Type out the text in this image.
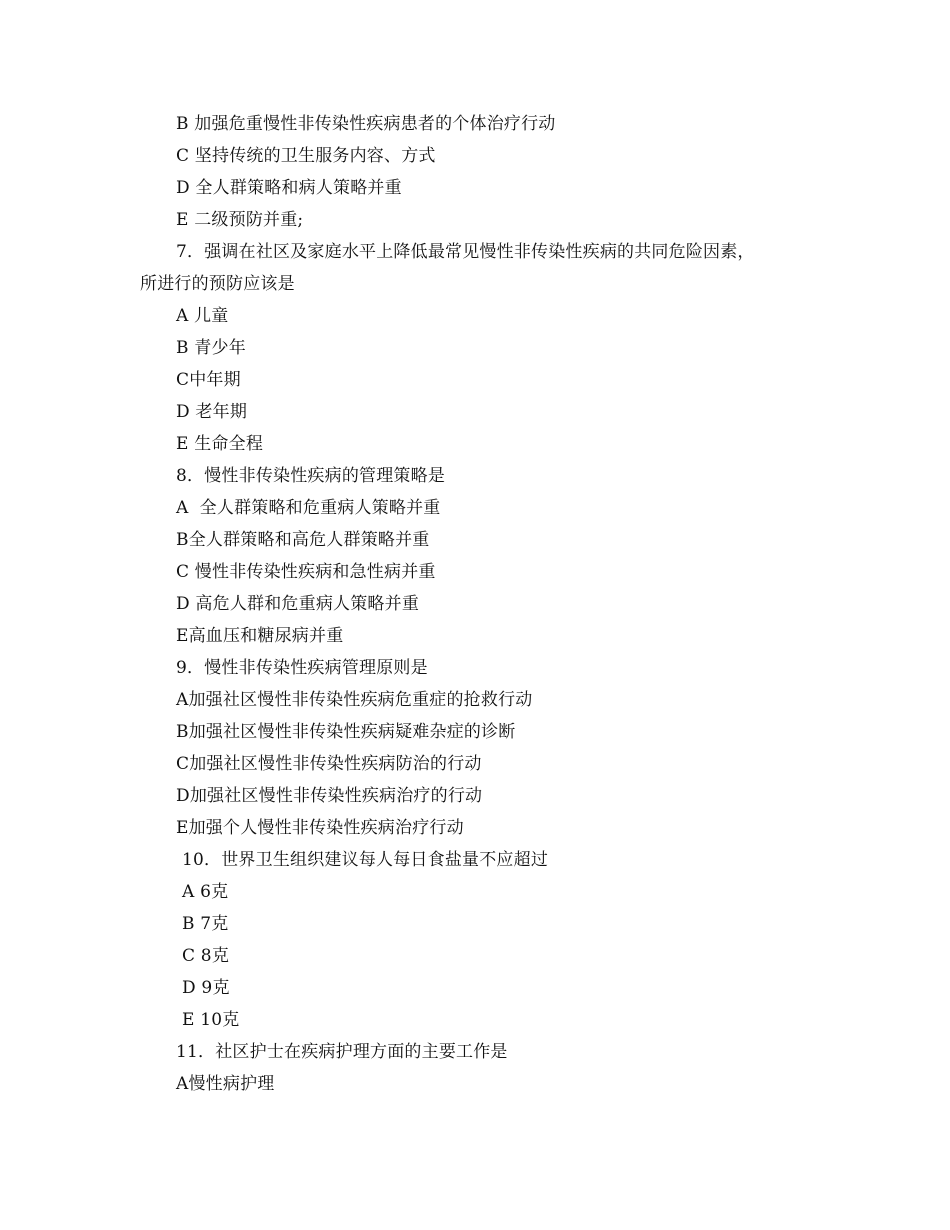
B 加强危重慢性非传染性疾病患者的个体治疗行动
C 坚持传统的卫生服务内容、方式
D 全人群策略和病人策略并重
E 二级预防并重;
7．强调在社区及家庭水平上降低最常见慢性非传染性疾病的共同危险因素，
所进行的预防应该是
A 儿童
B 青少年
C中年期
D 老年期
E 生命全程
8．慢性非传染性疾病的管理策略是
A  全人群策略和危重病人策略并重
B全人群策略和高危人群策略并重
C 慢性非传染性疾病和急性病并重
D 高危人群和危重病人策略并重
E高血压和糖尿病并重
9．慢性非传染性疾病管理原则是
A加强社区慢性非传染性疾病危重症的抢救行动
B加强社区慢性非传染性疾病疑难杂症的诊断
C加强社区慢性非传染性疾病防治的行动
D加强社区慢性非传染性疾病治疗的行动
E加强个人慢性非传染性疾病治疗行动
10．世界卫生组织建议每人每日食盐量不应超过
A 6克
B 7克
C 8克
D 9克
E 10克
11．社区护士在疾病护理方面的主要工作是
A慢性病护理
